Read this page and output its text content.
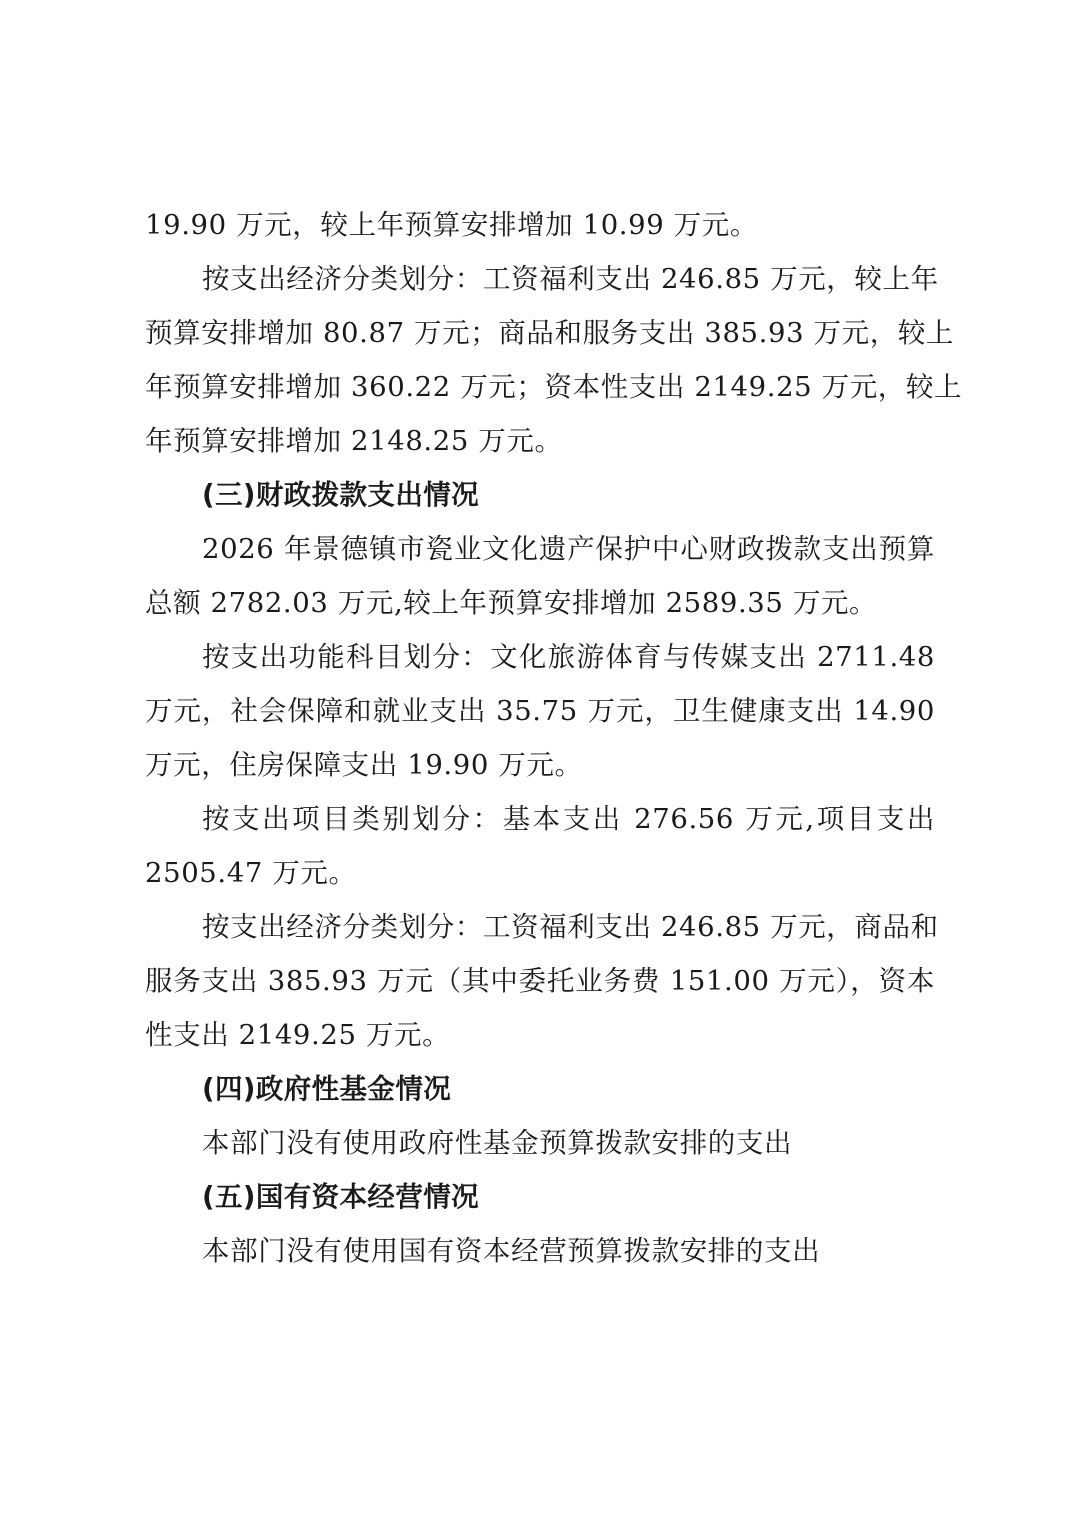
19.90 万元，较上年预算安排增加 10.99 万元。
按支出经济分类划分：工资福利支出 246.85 万元，较上年
预算安排增加 80.87 万元；商品和服务支出 385.93 万元，较上
年预算安排增加 360.22 万元；资本性支出 2149.25 万元，较上
年预算安排增加 2148.25 万元。
(三)财政拨款支出情况
2026 年景德镇市瓷业文化遗产保护中心财政拨款支出预算
总额 2782.03 万元,较上年预算安排增加 2589.35 万元。
按支出功能科目划分：文化旅游体育与传媒支出 2711.48
万元，社会保障和就业支出 35.75 万元，卫生健康支出 14.90
万元，住房保障支出 19.90 万元。
按支出项目类别划分：基本支出 276.56 万元,项目支出
2505.47 万元。
按支出经济分类划分：工资福利支出 246.85 万元，商品和
服务支出 385.93 万元（其中委托业务费 151.00 万元），资本
性支出 2149.25 万元。
(四)政府性基金情况
本部门没有使用政府性基金预算拨款安排的支出
(五)国有资本经营情况
本部门没有使用国有资本经营预算拨款安排的支出
